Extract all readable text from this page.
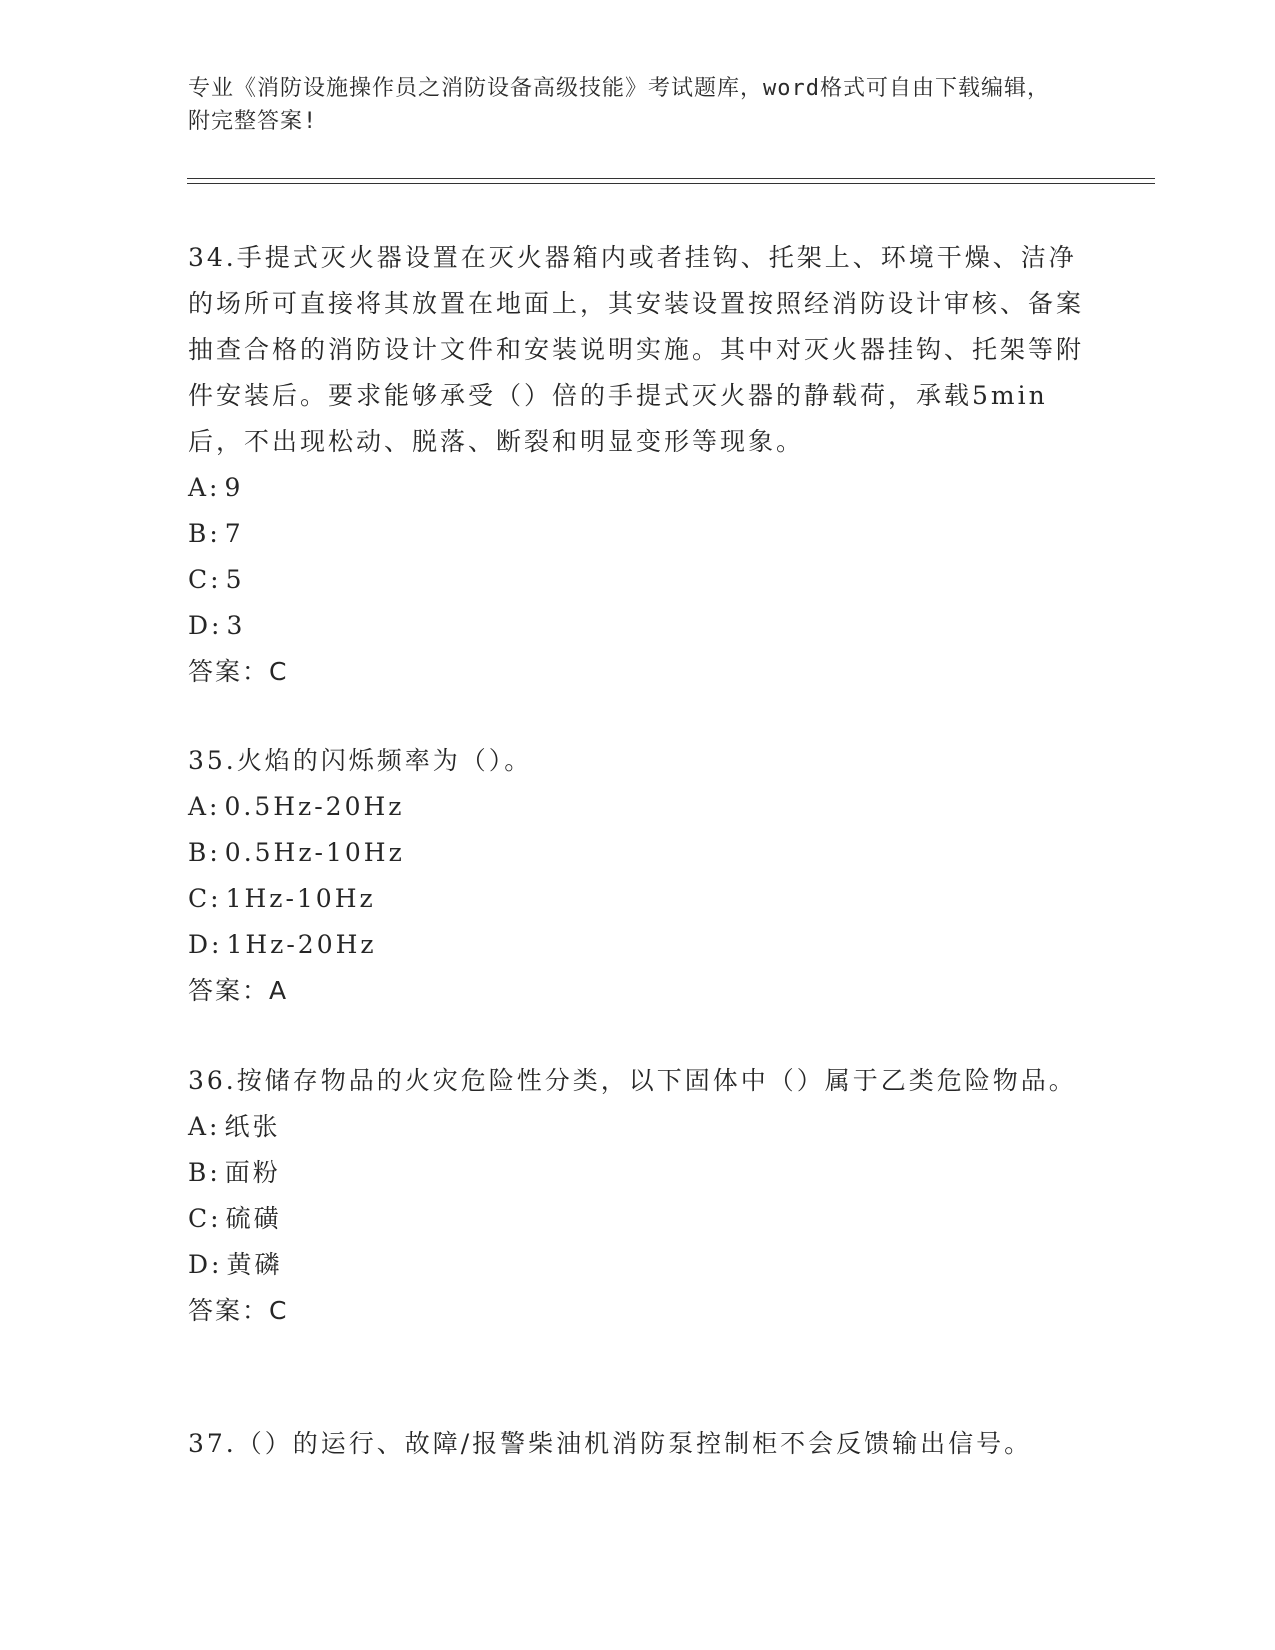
专业《消防设施操作员之消防设备高级技能》考试题库，word格式可自由下载编辑，附完整答案!
34.手提式灭火器设置在灭火器箱内或者挂钩、托架上、环境干燥、洁净的场所可直接将其放置在地面上，其安装设置按照经消防设计审核、备案抽查合格的消防设计文件和安装说明实施。其中对灭火器挂钩、托架等附件安装后。要求能够承受（）倍的手提式灭火器的静载荷，承载5min后，不出现松动、脱落、断裂和明显变形等现象。
A: 9
B: 7
C: 5
D: 3
答案：C
35.火焰的闪烁频率为（）。
A: 0.5Hz-20Hz
B: 0.5Hz-10Hz
C: 1Hz-10Hz
D: 1Hz-20Hz
答案：A
36.按储存物品的火灾危险性分类，以下固体中（）属于乙类危险物品。
A: 纸张
B: 面粉
C: 硫磺
D: 黄磷
答案：C
37.（）的运行、故障/报警柴油机消防泵控制柜不会反馈输出信号。
